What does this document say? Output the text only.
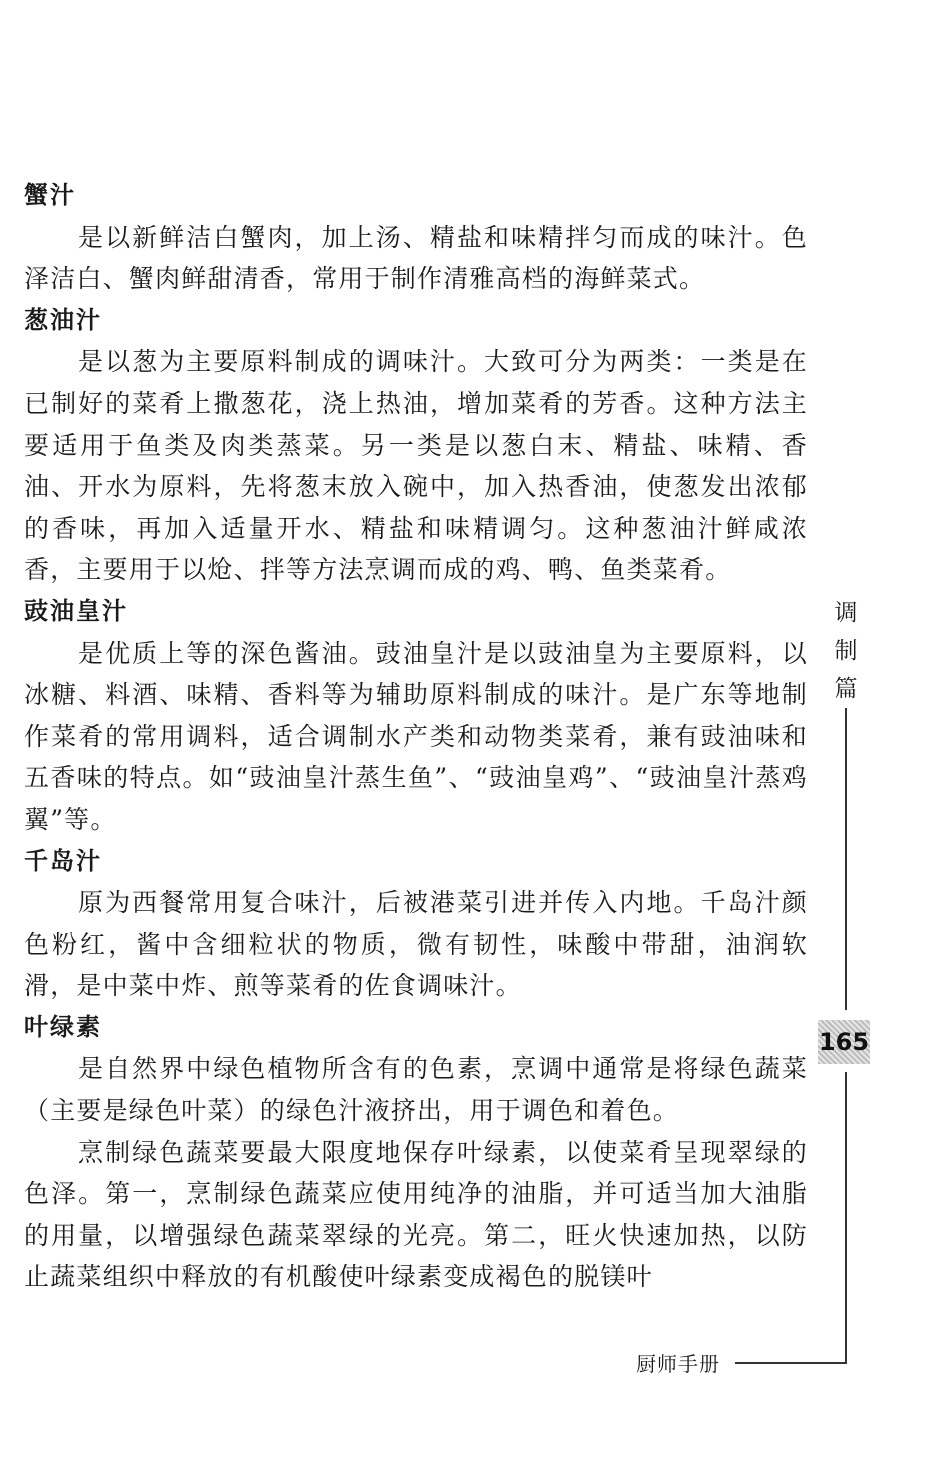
蟹汁

是以新鲜洁白蟹肉，加上汤、精盐和味精拌匀而成的味汁。色泽洁白、蟹肉鲜甜清香，常用于制作清雅高档的海鲜菜式。

葱油汁

是以葱为主要原料制成的调味汁。大致可分为两类：一类是在已制好的菜肴上撒葱花，浇上热油，增加菜肴的芳香。这种方法主要适用于鱼类及肉类蒸菜。另一类是以葱白末、精盐、味精、香油、开水为原料，先将葱末放入碗中，加入热香油，使葱发出浓郁的香味，再加入适量开水、精盐和味精调匀。这种葱油汁鲜咸浓香，主要用于以炝、拌等方法烹调而成的鸡、鸭、鱼类菜肴。

豉油皇汁

是优质上等的深色酱油。豉油皇汁是以豉油皇为主要原料，以冰糖、料酒、味精、香料等为辅助原料制成的味汁。是广东等地制作菜肴的常用调料，适合调制水产类和动物类菜肴，兼有豉油味和五香味的特点。如“豉油皇汁蒸生鱼”、“豉油皇鸡”、“豉油皇汁蒸鸡翼”等。

千岛汁

原为西餐常用复合味汁，后被港菜引进并传入内地。千岛汁颜色粉红，酱中含细粒状的物质，微有韧性，味酸中带甜，油润软滑，是中菜中炸、煎等菜肴的佐食调味汁。

叶绿素

是自然界中绿色植物所含有的色素，烹调中通常是将绿色蔬菜（主要是绿色叶菜）的绿色汁液挤出，用于调色和着色。

烹制绿色蔬菜要最大限度地保存叶绿素，以使菜肴呈现翠绿的色泽。第一，烹制绿色蔬菜应使用纯净的油脂，并可适当加大油脂的用量，以增强绿色蔬菜翠绿的光亮。第二，旺火快速加热，以防止蔬菜组织中释放的有机酸使叶绿素变成褐色的脱镁叶

调
制
篇
165
厨师手册
